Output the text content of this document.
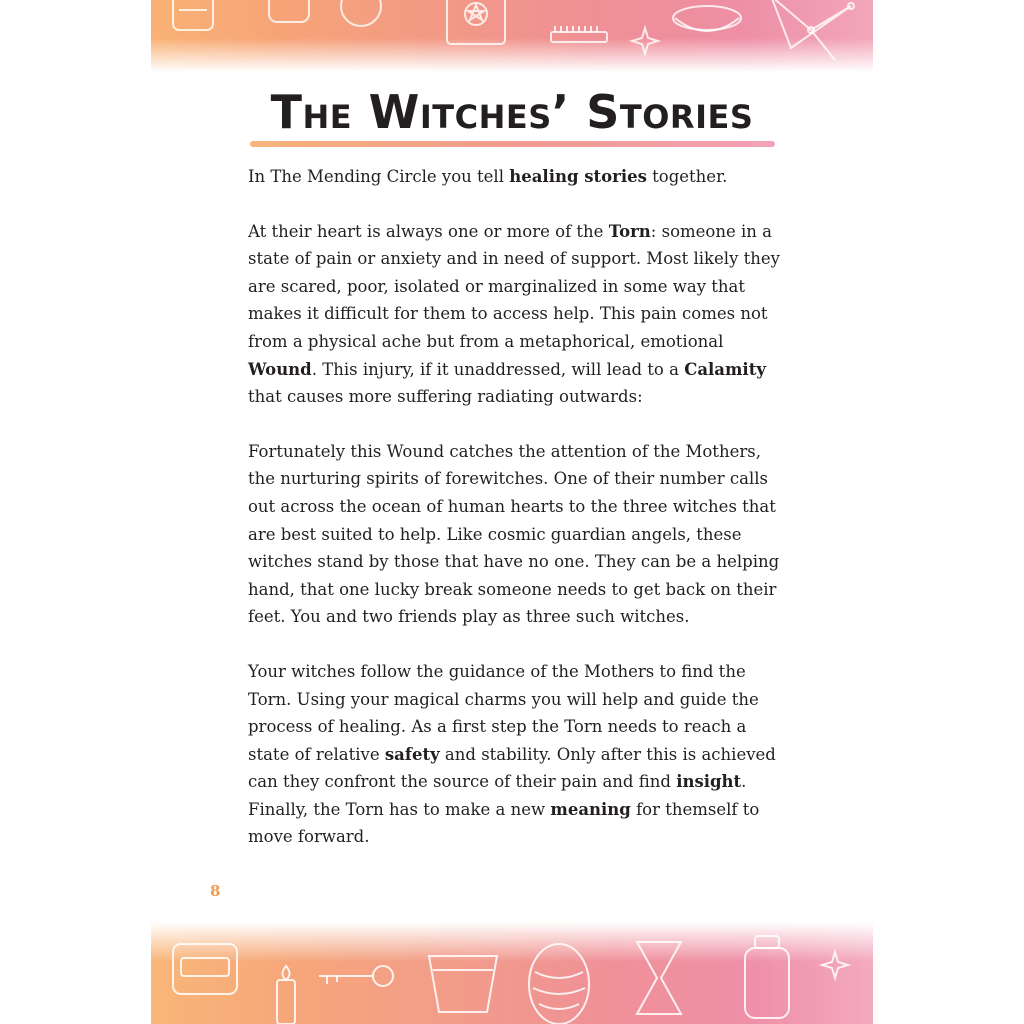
The Witches’ Stories

In The Mending Circle you tell healing stories together.

At their heart is always one or more of the Torn: someone in a state of pain or anxiety and in need of support. Most likely they are scared, poor, isolated or marginalized in some way that makes it difficult for them to access help. This pain comes not from a physical ache but from a metaphorical, emotional Wound. This injury, if it unaddressed, will lead to a Calamity that causes more suffering radiating outwards:

Fortunately this Wound catches the attention of the Mothers, the nurturing spirits of forewitches. One of their number calls out across the ocean of human hearts to the three witches that are best suited to help. Like cosmic guardian angels, these witches stand by those that have no one. They can be a helping hand, that one lucky break someone needs to get back on their feet. You and two friends play as three such witches.

Your witches follow the guidance of the Mothers to find the Torn. Using your magical charms you will help and guide the process of healing. As a first step the Torn needs to reach a state of relative safety and stability. Only after this is achieved can they confront the source of their pain and find insight. Finally, the Torn has to make a new meaning for themself to move forward.

8
